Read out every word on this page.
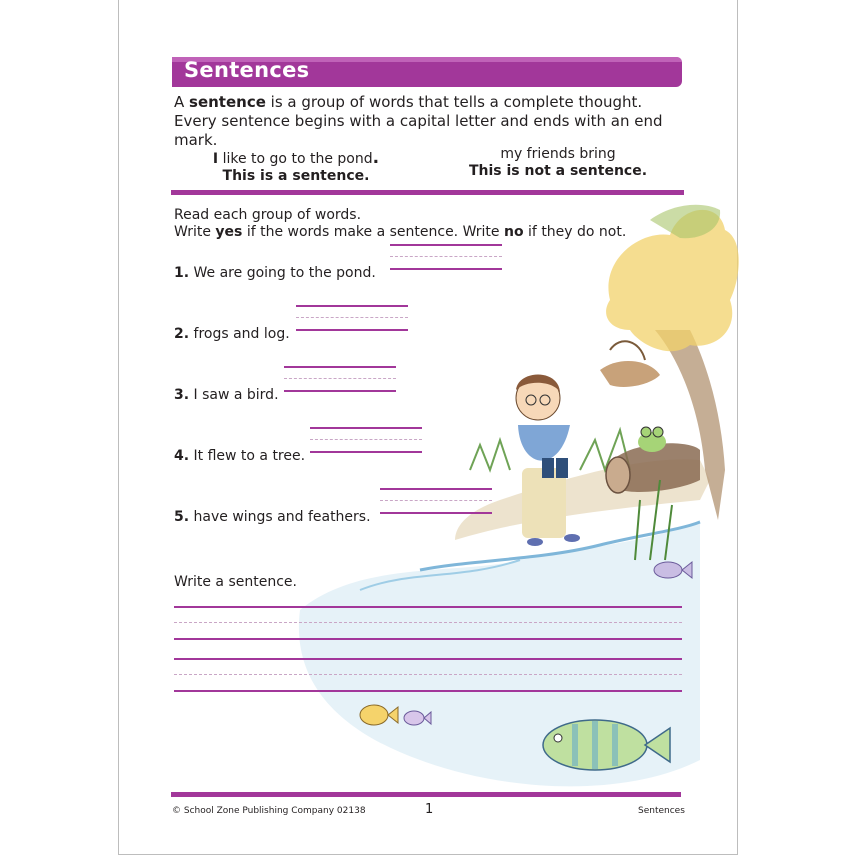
Sentences

A sentence is a group of words that tells a complete thought. Every sentence begins with a capital letter and ends with an end mark.

I like to go to the pond.
This is a sentence.
my friends bring
This is not a sentence.
Read each group of words.
Write yes if the words make a sentence. Write no if they do not.
1. We are going to the pond.
2. frogs and log.
3. I saw a bird.
4. It flew to a tree.
5. have wings and feathers.
Write a sentence.
© School Zone Publishing Company 02138	1	Sentences
